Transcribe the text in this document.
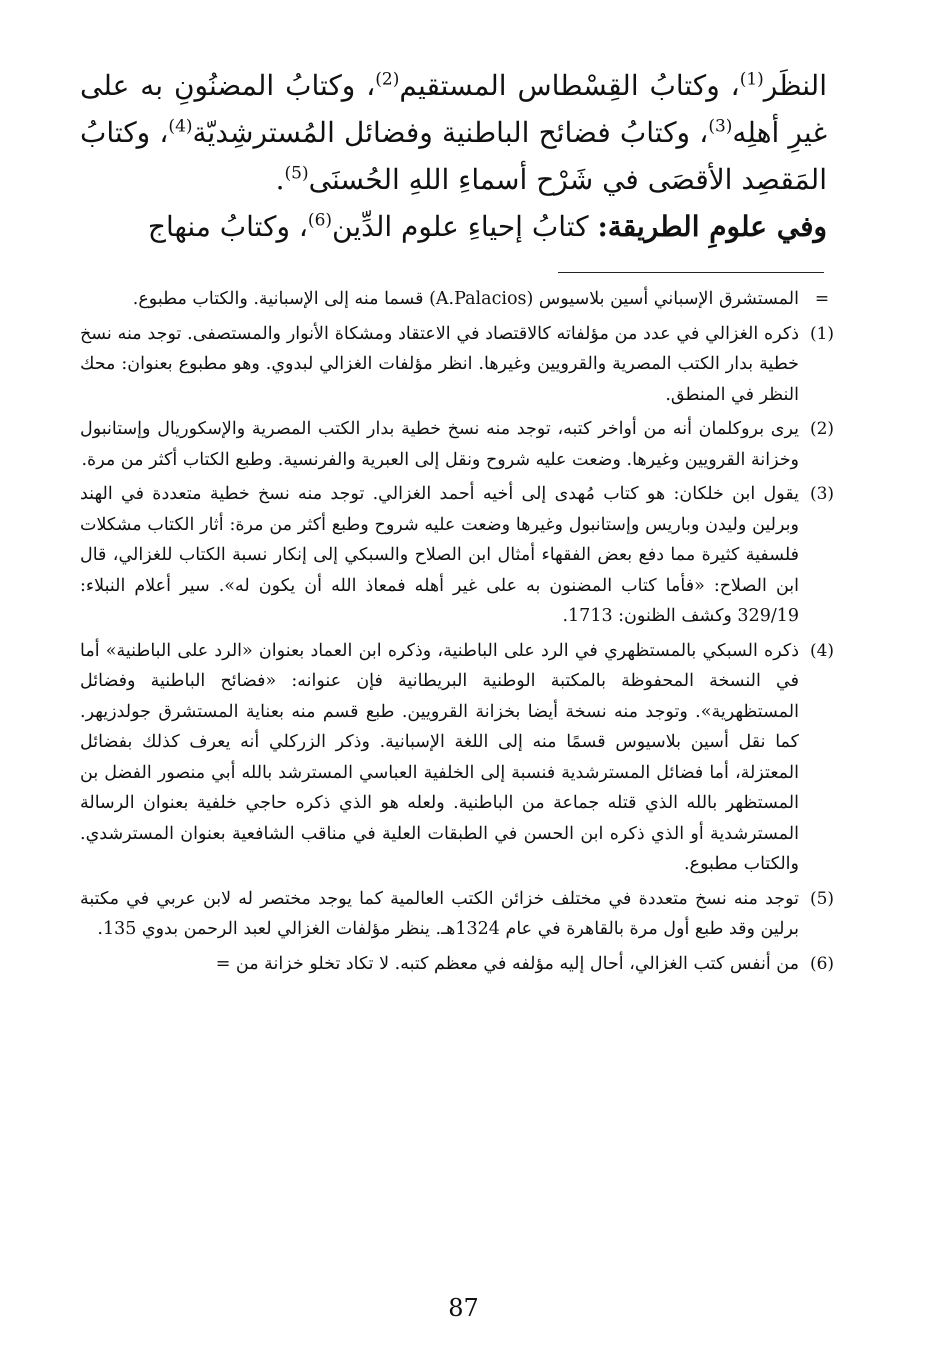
النظَر$^{(1)}$، وكتابُ القِسْطاس المستقيم$^{(2)}$، وكتابُ المضنُونِ به على غيرِ أهلِه$^{(3)}$، وكتابُ فضائح الباطنية وفضائل المُسترشِديّة$^{(4)}$، وكتابُ المَقصِد الأقصَى في شَرْح أسماءِ اللهِ الحُسنَى$^{(5)}$.

وفي علومِ الطريقة: كتابُ إحياءِ علوم الدِّين$^{(6)}$، وكتابُ منهاج

=
المستشرق الإسباني أسين بلاسيوس (A.Palacios) قسما منه إلى الإسبانية. والكتاب مطبوع.
(1)
ذكره الغزالي في عدد من مؤلفاته كالاقتصاد في الاعتقاد ومشكاة الأنوار والمستصفى. توجد منه نسخ خطية بدار الكتب المصرية والقرويين وغيرها. انظر مؤلفات الغزالي لبدوي. وهو مطبوع بعنوان: محك النظر في المنطق.
(2)
يرى بروكلمان أنه من أواخر كتبه، توجد منه نسخ خطية بدار الكتب المصرية والإسكوريال وإستانبول وخزانة القرويين وغيرها. وضعت عليه شروح ونقل إلى العبرية والفرنسية. وطبع الكتاب أكثر من مرة.
(3)
يقول ابن خلكان: هو كتاب مُهدى إلى أخيه أحمد الغزالي. توجد منه نسخ خطية متعددة في الهند وبرلين وليدن وباريس وإستانبول وغيرها وضعت عليه شروح وطبع أكثر من مرة: أثار الكتاب مشكلات فلسفية كثيرة مما دفع بعض الفقهاء أمثال ابن الصلاح والسبكي إلى إنكار نسبة الكتاب للغزالي، قال ابن الصلاح: «فأما كتاب المضنون به على غير أهله فمعاذ الله أن يكون له». سير أعلام النبلاء: 329/19 وكشف الظنون: 1713.
(4)
ذكره السبكي بالمستظهري في الرد على الباطنية، وذكره ابن العماد بعنوان «الرد على الباطنية» أما في النسخة المحفوظة بالمكتبة الوطنية البريطانية فإن عنوانه: «فضائح الباطنية وفضائل المستظهرية». وتوجد منه نسخة أيضا بخزانة القرويين. طبع قسم منه بعناية المستشرق جولدزيهر. كما نقل أسين بلاسيوس قسمًا منه إلى اللغة الإسبانية. وذكر الزركلي أنه يعرف كذلك بفضائل المعتزلة، أما فضائل المسترشدية فنسبة إلى الخلفية العباسي المسترشد بالله أبي منصور الفضل بن المستظهر بالله الذي قتله جماعة من الباطنية. ولعله هو الذي ذكره حاجي خلفية بعنوان الرسالة المسترشدية أو الذي ذكره ابن الحسن في الطبقات العلية في مناقب الشافعية بعنوان المسترشدي. والكتاب مطبوع.
(5)
توجد منه نسخ متعددة في مختلف خزائن الكتب العالمية كما يوجد مختصر له لابن عربي في مكتبة برلين وقد طبع أول مرة بالقاهرة في عام 1324هـ. ينظر مؤلفات الغزالي لعبد الرحمن بدوي 135.
(6)
من أنفس كتب الغزالي، أحال إليه مؤلفه في معظم كتبه. لا تكاد تخلو خزانة من =
87
